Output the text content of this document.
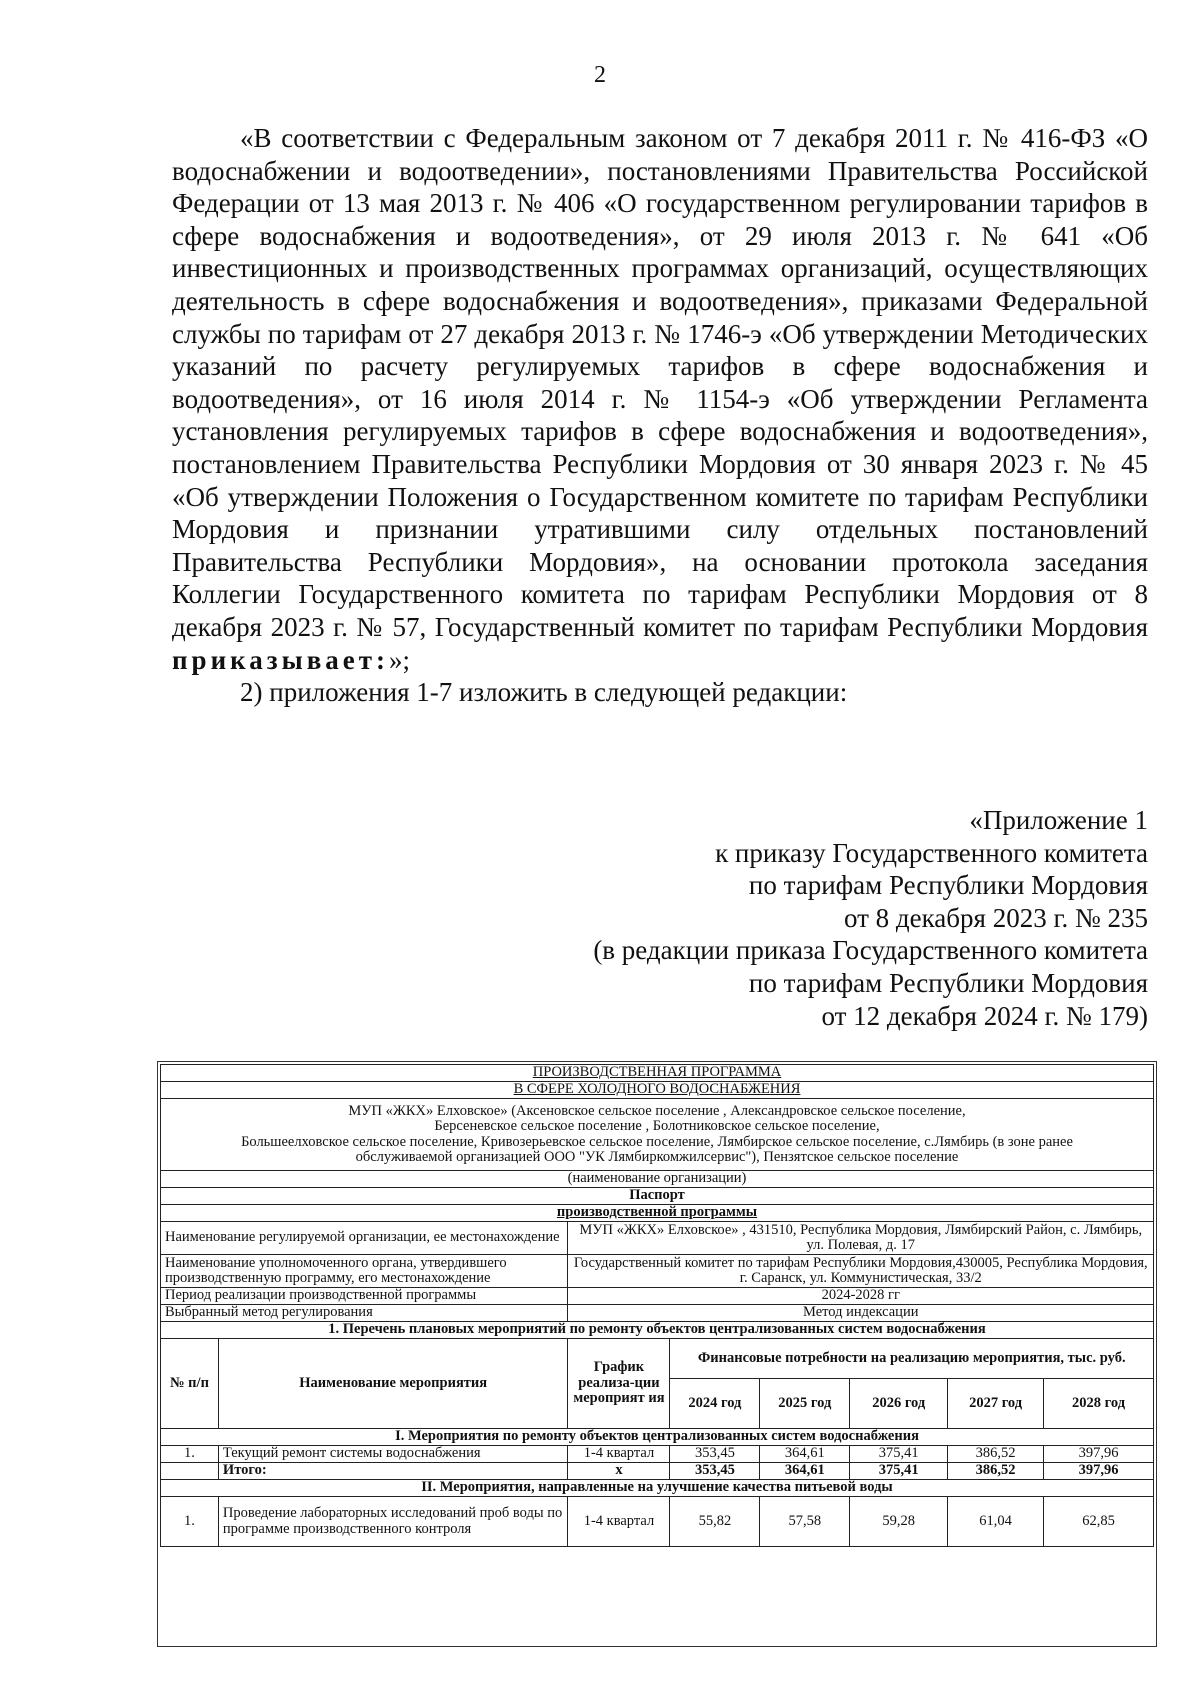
2

«В соответствии с Федеральным законом от 7 декабря 2011 г. № 416-ФЗ «О водоснабжении и водоотведении», постановлениями Правительства Российской Федерации от 13 мая 2013 г. № 406 «О государственном регулировании тарифов в сфере водоснабжения и водоотведения», от 29 июля 2013 г. № 641 «Об инвестиционных и производственных программах организаций, осуществляющих деятельность в сфере водоснабжения и водоотведения», приказами Федеральной службы по тарифам от 27 декабря 2013 г. № 1746-э «Об утверждении Методических указаний по расчету регулируемых тарифов в сфере водоснабжения и водоотведения», от 16 июля 2014 г. № 1154-э «Об утверждении Регламента установления регулируемых тарифов в сфере водоснабжения и водоотведения», постановлением Правительства Республики Мордовия от 30 января 2023 г. № 45 «Об утверждении Положения о Государственном комитете по тарифам Республики Мордовия и признании утратившими силу отдельных постановлений Правительства Республики Мордовия», на основании протокола заседания Коллегии Государственного комитета по тарифам Республики Мордовия от 8 декабря 2023 г. № 57, Государственный комитет по тарифам Республики Мордовия приказывает:»;

2) приложения 1-7 изложить в следующей редакции:

«Приложение 1
к приказу Государственного комитета
по тарифам Республики Мордовия
от 8 декабря 2023 г. № 235
(в редакции приказа Государственного комитета
по тарифам Республики Мордовия
от 12 декабря 2024 г. № 179)
ПРОИЗВОДСТВЕННАЯ ПРОГРАММА							
В СФЕРЕ ХОЛОДНОГО ВОДОСНАБЖЕНИЯ							

МУП «ЖКХ» Елховское» (Аксеновское сельское поселение , Александровское сельское поселение,
Берсеневское сельское поселение , Болотниковское сельское поселение,
Большеелховское сельское поселение, Кривозерьевское сельское поселение, Лямбирское сельское поселение, с.Лямбирь (в зоне ранее
обслуживаемой организацией ООО "УК Лямбиркомжилсервис"), Пензятское сельское поселение							

(наименование организации)							
Паспорт							
производственной программы							
Наименование регулируемой организации, ее местонахождение		МУП «ЖКХ» Елховское» , 431510, Республика Мордовия, Лямбирский Район, с. Лямбирь, ул. Полевая, д. 17					
Наименование уполномоченного органа, утвердившего производственную программу, его местонахождение		Государственный комитет по тарифам Республики Мордовия,430005, Республика Мордовия, г. Саранск, ул. Коммунистическая, 33/2					
Период реализации производственной программы		2024-2028 гг					
Выбранный метод регулирования		Метод индексации					
1. Перечень плановых мероприятий по ремонту объектов централизованных систем водоснабжения							
№ п/п	Наименование мероприятия	График реализа-ции мероприят ия	Финансовые потребности на реализацию мероприятия, тыс. руб.				
			2024 год	2025 год	2026 год	2027 год	2028 год
I. Мероприятия по ремонту объектов централизованных систем водоснабжения							
1.	Текущий ремонт системы водоснабжения	1-4 квартал	353,45	364,61	375,41	386,52	397,96
	Итого:	x	353,45	364,61	375,41	386,52	397,96
II. Мероприятия, направленные на улучшение качества питьевой воды							
1.	Проведение лабораторных исследований проб воды по программе производственного контроля	1-4 квартал	55,82	57,58	59,28	61,04	62,85
